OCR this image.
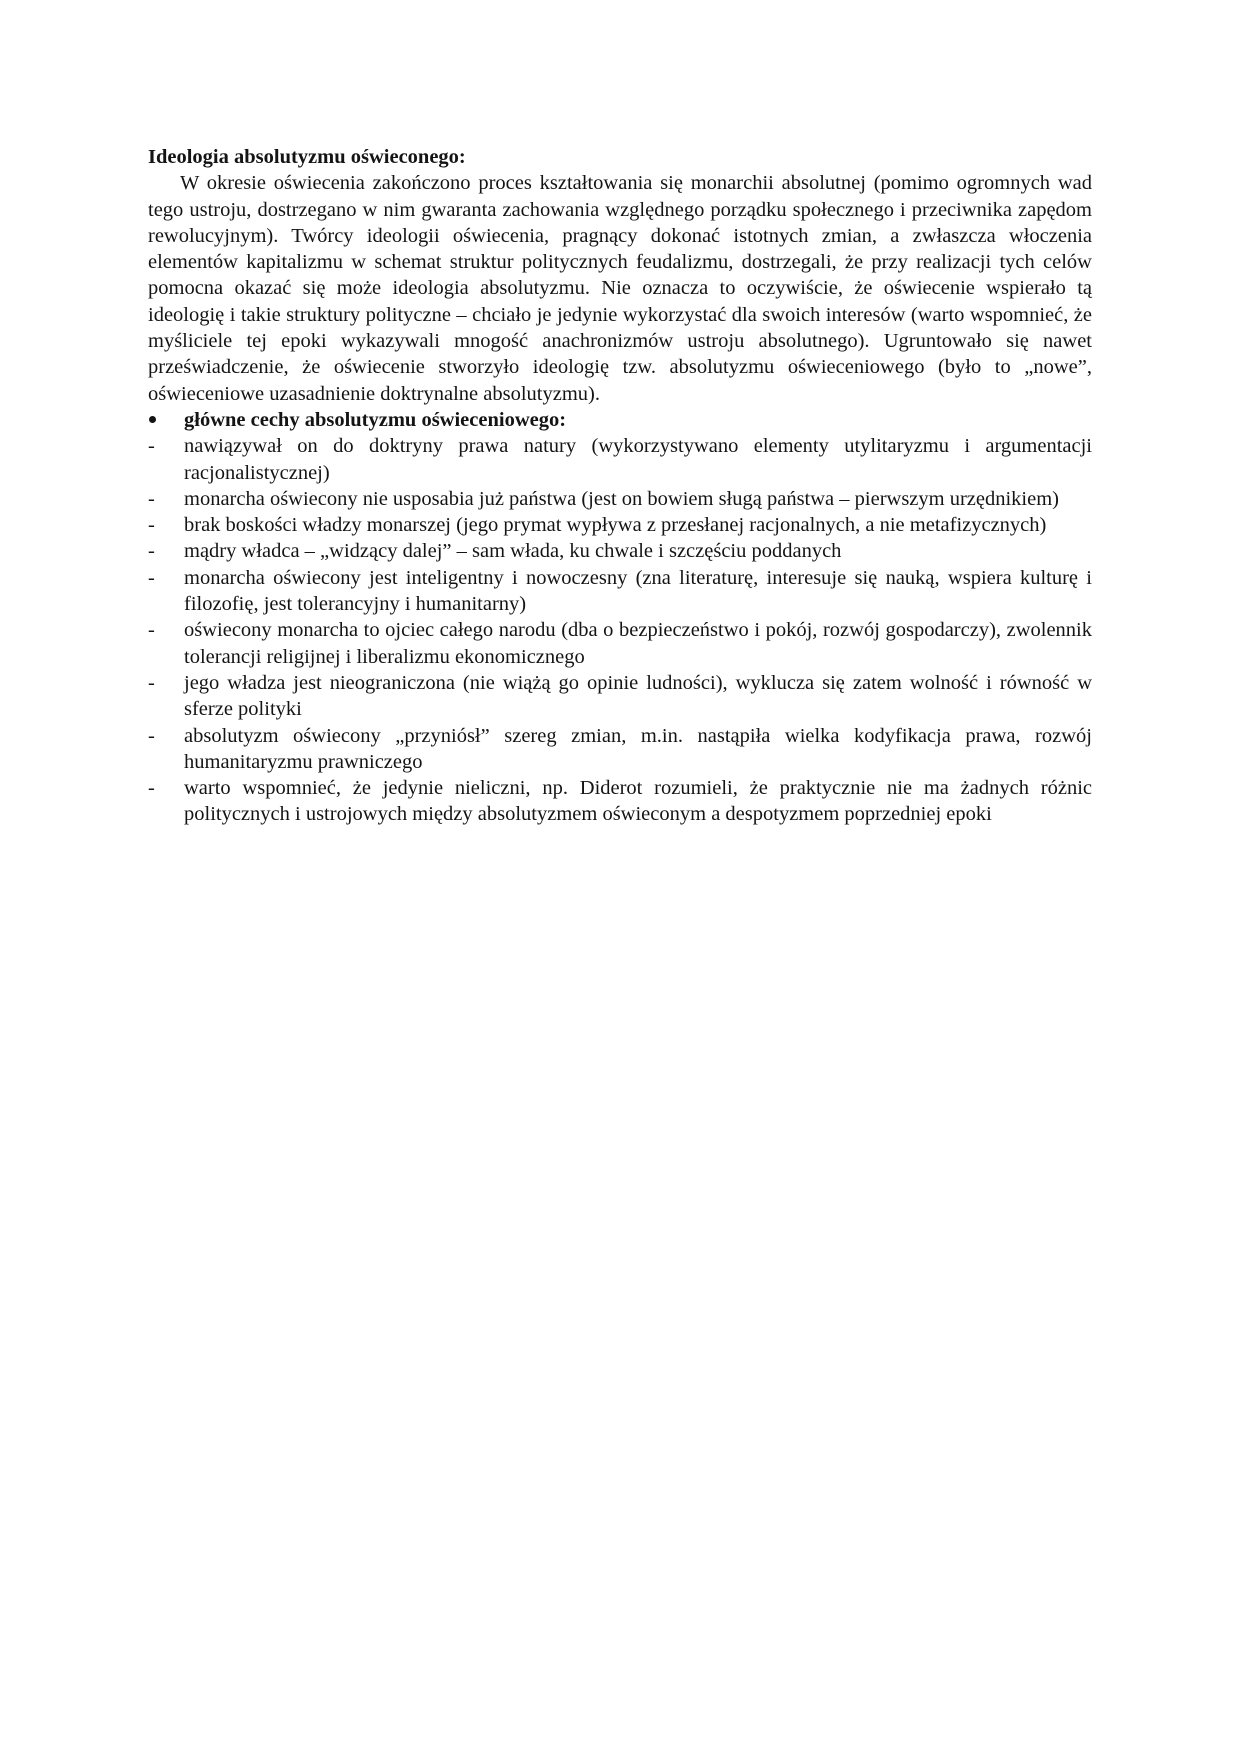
Ideologia absolutyzmu oświeconego:

W okresie oświecenia zakończono proces kształtowania się monarchii absolutnej (pomimo ogromnych wad tego ustroju, dostrzegano w nim gwaranta zachowania względnego porządku społecznego i przeciwnika zapędom rewolucyjnym). Twórcy ideologii oświecenia, pragnący dokonać istotnych zmian, a zwłaszcza włoczenia elementów kapitalizmu w schemat struktur politycznych feudalizmu, dostrzegali, że przy realizacji tych celów pomocna okazać się może ideologia absolutyzmu. Nie oznacza to oczywiście, że oświecenie wspierało tą ideologię i takie struktury polityczne – chciało je jedynie wykorzystać dla swoich interesów (warto wspomnieć, że myśliciele tej epoki wykazywali mnogość anachronizmów ustroju absolutnego). Ugruntowało się nawet przeświadczenie, że oświecenie stworzyło ideologię tzw. absolutyzmu oświeceniowego (było to „nowe”, oświeceniowe uzasadnienie doktrynalne absolutyzmu).

główne cechy absolutyzmu oświeceniowego:
-	nawiązywał on do doktryny prawa natury (wykorzystywano elementy utylitaryzmu i argumentacji racjonalistycznej)
-	monarcha oświecony nie usposabia już państwa (jest on bowiem sługą państwa – pierwszym urzędnikiem)
-	brak boskości władzy monarszej (jego prymat wypływa z przesłanej racjonalnych, a nie metafizycznych)
-	mądry władca – „widzący dalej” – sam włada, ku chwale i szczęściu poddanych
-	monarcha oświecony jest inteligentny i nowoczesny (zna literaturę, interesuje się nauką, wspiera kulturę i filozofię, jest tolerancyjny i humanitarny)
-	oświecony monarcha to ojciec całego narodu (dba o bezpieczeństwo i pokój, rozwój gospodarczy), zwolennik tolerancji religijnej i liberalizmu ekonomicznego
-	jego władza jest nieograniczona (nie wiążą go opinie ludności), wyklucza się zatem wolność i równość w sferze polityki
-	absolutyzm oświecony „przyniósł” szereg zmian, m.in. nastąpiła wielka kodyfikacja prawa, rozwój humanitaryzmu prawniczego
-	warto wspomnieć, że jedynie nieliczni, np. Diderot rozumieli, że praktycznie nie ma żadnych różnic politycznych i ustrojowych między absolutyzmem oświeconym a despotyzmem poprzedniej epoki
